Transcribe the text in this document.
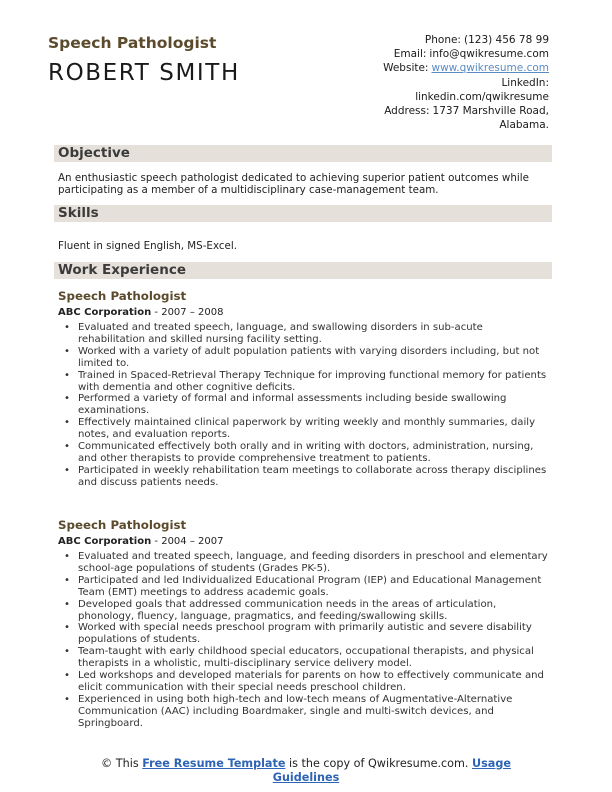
Speech Pathologist
ROBERT SMITH
Phone: (123) 456 78 99
Email: info@qwikresume.com
Website: www.qwikresume.com
LinkedIn:
linkedin.com/qwikresume
Address: 1737 Marshville Road,
Alabama.
Objective
An enthusiastic speech pathologist dedicated to achieving superior patient outcomes while participating as a member of a multidisciplinary case-management team.
Skills
Fluent in signed English, MS-Excel.
Work Experience
Speech Pathologist
ABC Corporation - 2007 – 2008
• Evaluated and treated speech, language, and swallowing disorders in sub-acute rehabilitation and skilled nursing facility setting.
• Worked with a variety of adult population patients with varying disorders including, but not limited to.
• Trained in Spaced-Retrieval Therapy Technique for improving functional memory for patients with dementia and other cognitive deficits.
• Performed a variety of formal and informal assessments including beside swallowing examinations.
• Effectively maintained clinical paperwork by writing weekly and monthly summaries, daily notes, and evaluation reports.
• Communicated effectively both orally and in writing with doctors, administration, nursing, and other therapists to provide comprehensive treatment to patients.
• Participated in weekly rehabilitation team meetings to collaborate across therapy disciplines and discuss patients needs.
Speech Pathologist
ABC Corporation - 2004 – 2007
• Evaluated and treated speech, language, and feeding disorders in preschool and elementary school-age populations of students (Grades PK-5).
• Participated and led Individualized Educational Program (IEP) and Educational Management Team (EMT) meetings to address academic goals.
• Developed goals that addressed communication needs in the areas of articulation, phonology, fluency, language, pragmatics, and feeding/swallowing skills.
• Worked with special needs preschool program with primarily autistic and severe disability populations of students.
• Team-taught with early childhood special educators, occupational therapists, and physical therapists in a wholistic, multi-disciplinary service delivery model.
• Led workshops and developed materials for parents on how to effectively communicate and elicit communication with their special needs preschool children.
• Experienced in using both high-tech and low-tech means of Augmentative-Alternative Communication (AAC) including Boardmaker, single and multi-switch devices, and Springboard.
© This Free Resume Template is the copy of Qwikresume.com. Usage
Guidelines
